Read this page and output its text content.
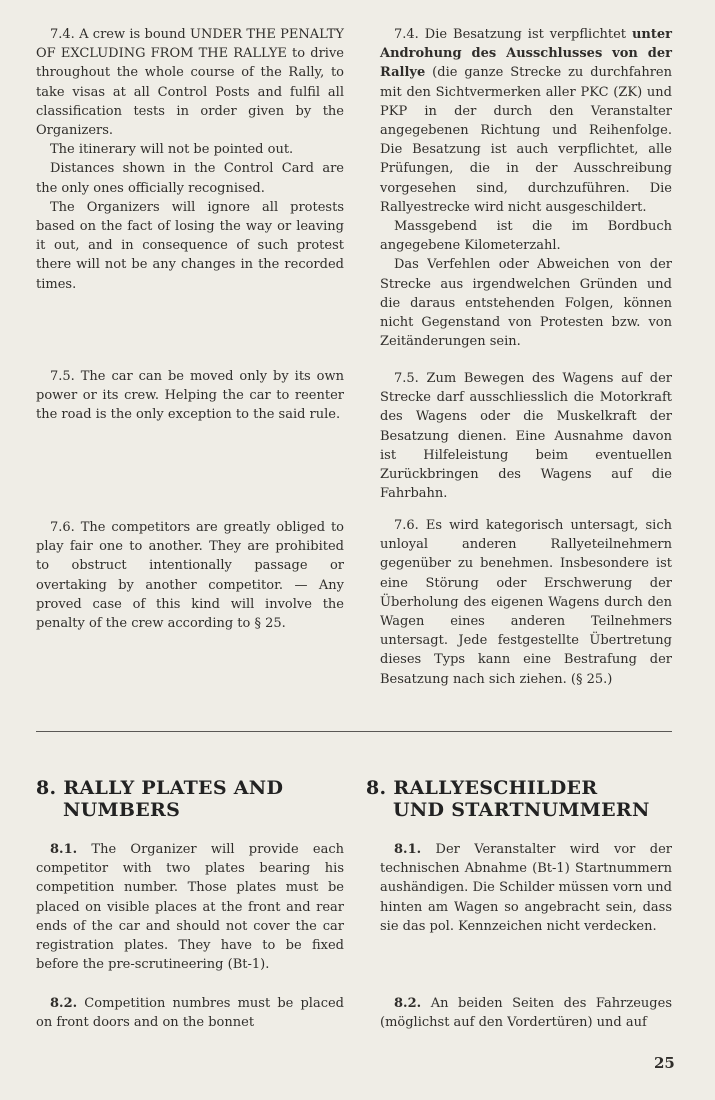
7.4. A crew is bound UNDER THE PENALTY OF EXCLUDING FROM THE RALLYE to drive throughout the whole course of the Rally, to take visas at all Control Posts and fulfil all classification tests in order given by the Organizers.

The itinerary will not be pointed out.

Distances shown in the Control Card are the only ones officially recognised.

The Organizers will ignore all protests based on the fact of losing the way or leaving it out, and in consequence of such protest there will not be any changes in the recorded times.

7.5. The car can be moved only by its own power or its crew. Helping the car to reenter the road is the only exception to the said rule.

7.6. The competitors are greatly obliged to play fair one to another. They are prohibited to obstruct intentionally passage or overtaking by another competitor. — Any proved case of this kind will involve the penalty of the crew according to § 25.

7.4. Die Besatzung ist verpflichtet unter Androhung des Ausschlusses von der Rallye (die ganze Strecke zu durchfahren mit den Sichtvermerken aller PKC (ZK) und PKP in der durch den Veranstalter angegebenen Richtung und Reihenfolge. Die Besatzung ist auch verpflichtet, alle Prüfungen, die in der Ausschreibung vorgesehen sind, durchzuführen. Die Rallyestrecke wird nicht ausgeschildert.

Massgebend ist die im Bordbuch angegebene Kilometerzahl.

Das Verfehlen oder Abweichen von der Strecke aus irgendwelchen Gründen und die daraus entstehenden Folgen, können nicht Gegenstand von Protesten bzw. von Zeitänderungen sein.

7.5. Zum Bewegen des Wagens auf der Strecke darf ausschliesslich die Motorkraft des Wagens oder die Muskelkraft der Besatzung dienen. Eine Ausnahme davon ist Hilfeleistung beim eventuellen Zurückbringen des Wagens auf die Fahrbahn.

7.6. Es wird kategorisch untersagt, sich unloyal anderen Rallyeteilnehmern gegenüber zu benehmen. Insbesondere ist eine Störung oder Erschwerung der Überholung des eigenen Wagens durch den Wagen eines anderen Teilnehmers untersagt. Jede festgestellte Übertretung dieses Typs kann eine Bestrafung der Besatzung nach sich ziehen. (§ 25.)

8. RALLY PLATES AND
NUMBERS
8. RALLYESCHILDER
UND STARTNUMMERN

8.1. The Organizer will provide each competitor with two plates bearing his competition number. Those plates must be placed on visible places at the front and rear ends of the car and should not cover the car registration plates. They have to be fixed before the pre-scrutineering (Bt-1).

8.2. Competition numbres must be placed on front doors and on the bonnet

8.1. Der Veranstalter wird vor der technischen Abnahme (Bt-1) Startnummern aushändigen. Die Schilder müssen vorn und hinten am Wagen so angebracht sein, dass sie das pol. Kennzeichen nicht verdecken.

8.2. An beiden Seiten des Fahrzeuges (möglichst auf den Vordertüren) und auf

25
